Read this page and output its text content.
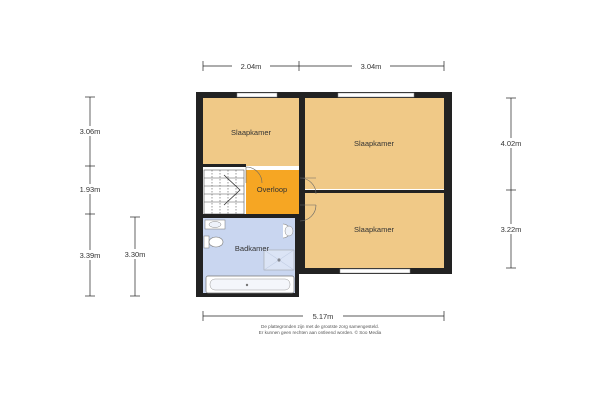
Slaapkamer
Slaapkamer
Slaapkamer
Overloop
Badkamer
2.04m	3.04m
5.17m
3.06m
1.93m
3.39m	3.30m
4.02m
3.22m
De plattegronden zijn met de grootste zorg samengesteld.
Er kunnen geen rechten aan ontleend worden. © Soo Media
